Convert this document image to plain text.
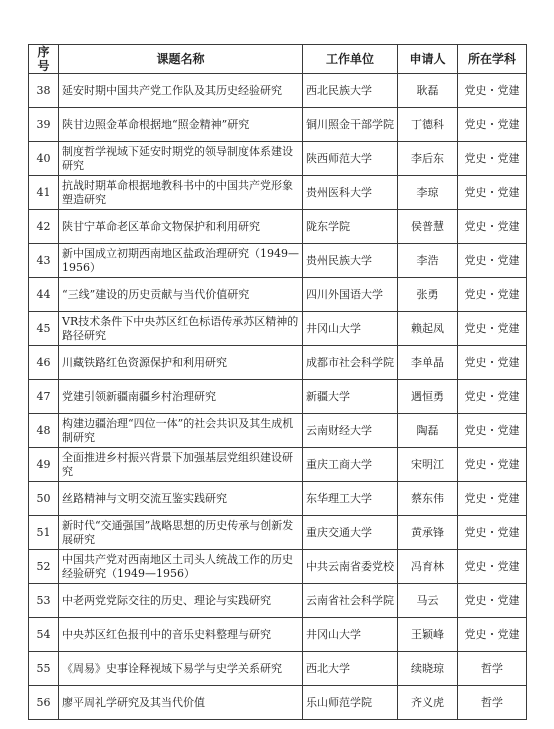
序号	课题名称	工作单位	申请人	所在学科
38	延安时期中国共产党工作队及其历史经验研究	西北民族大学	耿磊	党史・党建
39	陕甘边照金革命根据地“照金精神”研究	铜川照金干部学院	丁德科	党史・党建
40	制度哲学视域下延安时期党的领导制度体系建设研究	陕西师范大学	李后东	党史・党建
41	抗战时期革命根据地教科书中的中国共产党形象塑造研究	贵州医科大学	李琼	党史・党建
42	陕甘宁革命老区革命文物保护和利用研究	陇东学院	侯普慧	党史・党建
43	新中国成立初期西南地区盐政治理研究（1949—1956）	贵州民族大学	李浩	党史・党建
44	“三线”建设的历史贡献与当代价值研究	四川外国语大学	张勇	党史・党建
45	VR技术条件下中央苏区红色标语传承苏区精神的路径研究	井冈山大学	赖起凤	党史・党建
46	川藏铁路红色资源保护和利用研究	成都市社会科学院	李单晶	党史・党建
47	党建引领新疆南疆乡村治理研究	新疆大学	遇恒勇	党史・党建
48	构建边疆治理“四位一体”的社会共识及其生成机制研究	云南财经大学	陶磊	党史・党建
49	全面推进乡村振兴背景下加强基层党组织建设研究	重庆工商大学	宋明江	党史・党建
50	丝路精神与文明交流互鉴实践研究	东华理工大学	蔡东伟	党史・党建
51	新时代“交通强国”战略思想的历史传承与创新发展研究	重庆交通大学	黄承锋	党史・党建
52	中国共产党对西南地区土司头人统战工作的历史经验研究（1949—1956）	中共云南省委党校	冯育林	党史・党建
53	中老两党党际交往的历史、理论与实践研究	云南省社会科学院	马云	党史・党建
54	中央苏区红色报刊中的音乐史料整理与研究	井冈山大学	王颖峰	党史・党建
55	《周易》史事诠释视域下易学与史学关系研究	西北大学	续晓琼	哲学
56	廖平周礼学研究及其当代价值	乐山师范学院	齐义虎	哲学
